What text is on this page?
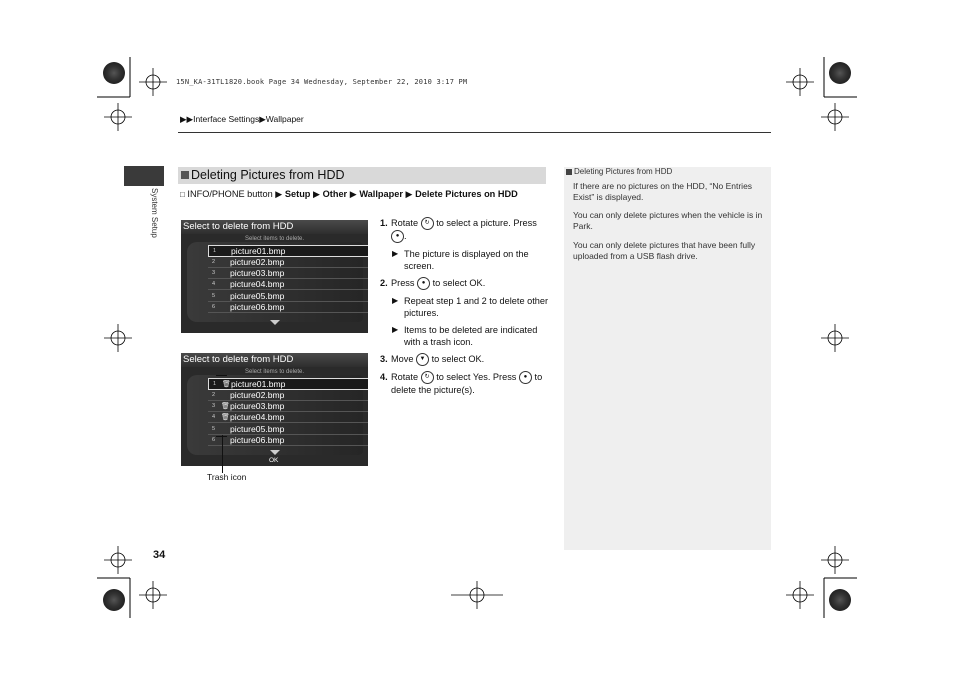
15N_KA-31TL1820.book Page 34 Wednesday, September 22, 2010 3:17 PM
▶▶Interface Settings▶Wallpaper
System Setup
Deleting Pictures from HDD
□ INFO/PHONE button ▶ Setup ▶ Other ▶ Wallpaper ▶ Delete Pictures on HDD
Select to delete from HDD
Select items to delete.
1 picture01.bmp
2 picture02.bmp
3 picture03.bmp
4 picture04.bmp
5 picture05.bmp
6 picture06.bmp
Select to delete from HDD
Select items to delete.
1 🗑 picture01.bmp
2 picture02.bmp
3 🗑 picture03.bmp
4 🗑 picture04.bmp
5 picture05.bmp
6 picture06.bmp
OK
Trash icon
1. Rotate ↻ to select a picture. Press ● .
▶ The picture is displayed on the screen.
2. Press ● to select OK.
▶ Repeat step 1 and 2 to delete other pictures.
▶ Items to be deleted are indicated with a trash icon.
3. Move ▼ to select OK.
4. Rotate ↻ to select Yes. Press ● to delete the picture(s).
Deleting Pictures from HDD

If there are no pictures on the HDD, “No Entries Exist” is displayed.

You can only delete pictures when the vehicle is in Park.

You can only delete pictures that have been fully uploaded from a USB flash drive.

34
